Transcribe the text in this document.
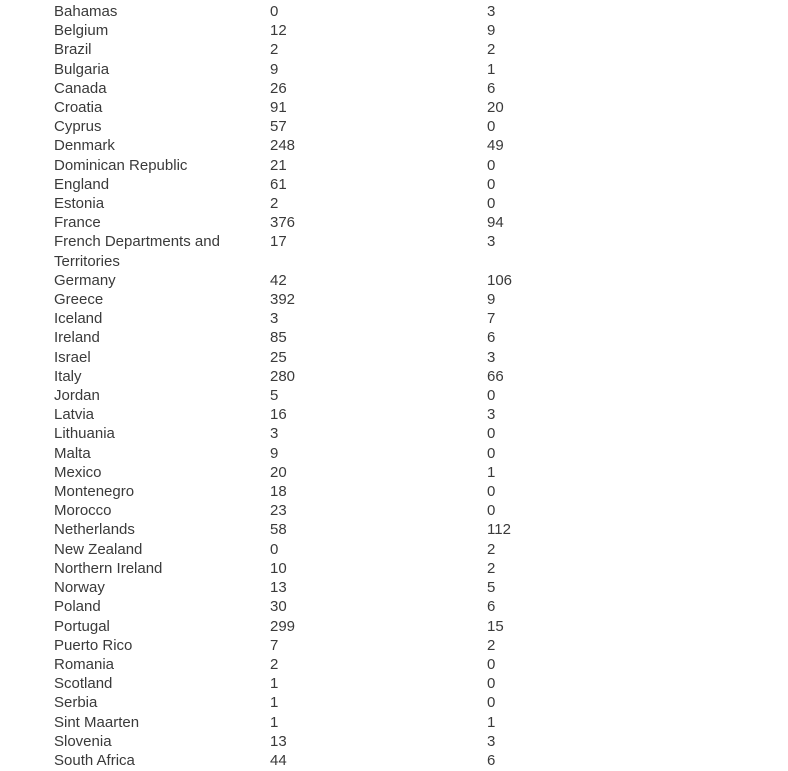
Bahamas	0	3
Belgium	12	9
Brazil	2	2
Bulgaria	9	1
Canada	26	6
Croatia	91	20
Cyprus	57	0
Denmark	248	49
Dominican Republic	21	0
England	61	0
Estonia	2	0
France	376	94
French Departments and Territories	17	3
Germany	42	106
Greece	392	9
Iceland	3	7
Ireland	85	6
Israel	25	3
Italy	280	66
Jordan	5	0
Latvia	16	3
Lithuania	3	0
Malta	9	0
Mexico	20	1
Montenegro	18	0
Morocco	23	0
Netherlands	58	112
New Zealand	0	2
Northern Ireland	10	2
Norway	13	5
Poland	30	6
Portugal	299	15
Puerto Rico	7	2
Romania	2	0
Scotland	1	0
Serbia	1	0
Sint Maarten	1	1
Slovenia	13	3
South Africa	44	6
